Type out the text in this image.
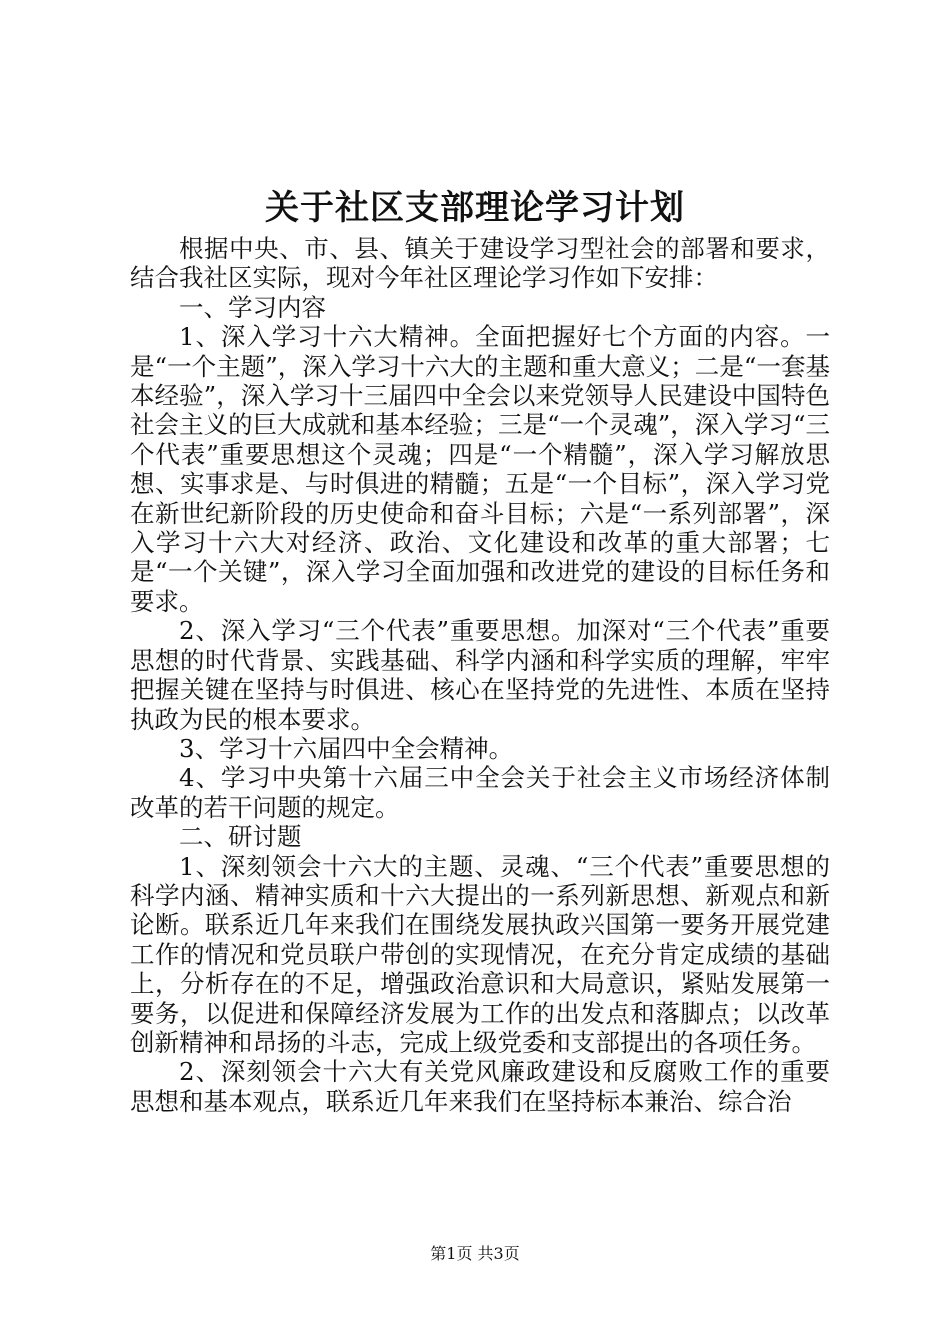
关于社区支部理论学习计划

根据中央、市、县、镇关于建设学习型社会的部署和要求，结合我社区实际，现对今年社区理论学习作如下安排：

一、学习内容

1、深入学习十六大精神。全面把握好七个方面的内容。一是“一个主题”，深入学习十六大的主题和重大意义；二是“一套基本经验”，深入学习十三届四中全会以来党领导人民建设中国特色社会主义的巨大成就和基本经验；三是“一个灵魂”，深入学习“三个代表”重要思想这个灵魂；四是“一个精髓”，深入学习解放思想、实事求是、与时俱进的精髓；五是“一个目标”，深入学习党在新世纪新阶段的历史使命和奋斗目标；六是“一系列部署”，深入学习十六大对经济、政治、文化建设和改革的重大部署；七是“一个关键”，深入学习全面加强和改进党的建设的目标任务和要求。

2、深入学习“三个代表”重要思想。加深对“三个代表”重要思想的时代背景、实践基础、科学内涵和科学实质的理解，牢牢把握关键在坚持与时俱进、核心在坚持党的先进性、本质在坚持执政为民的根本要求。

3、学习十六届四中全会精神。

4、学习中央第十六届三中全会关于社会主义市场经济体制改革的若干问题的规定。

二、研讨题

1、深刻领会十六大的主题、灵魂、“三个代表”重要思想的科学内涵、精神实质和十六大提出的一系列新思想、新观点和新论断。联系近几年来我们在围绕发展执政兴国第一要务开展党建工作的情况和党员联户带创的实现情况，在充分肯定成绩的基础上，分析存在的不足，增强政治意识和大局意识，紧贴发展第一要务，以促进和保障经济发展为工作的出发点和落脚点；以改革创新精神和昂扬的斗志，完成上级党委和支部提出的各项任务。

2、深刻领会十六大有关党风廉政建设和反腐败工作的重要思想和基本观点，联系近几年来我们在坚持标本兼治、综合治

第1页 共3页
